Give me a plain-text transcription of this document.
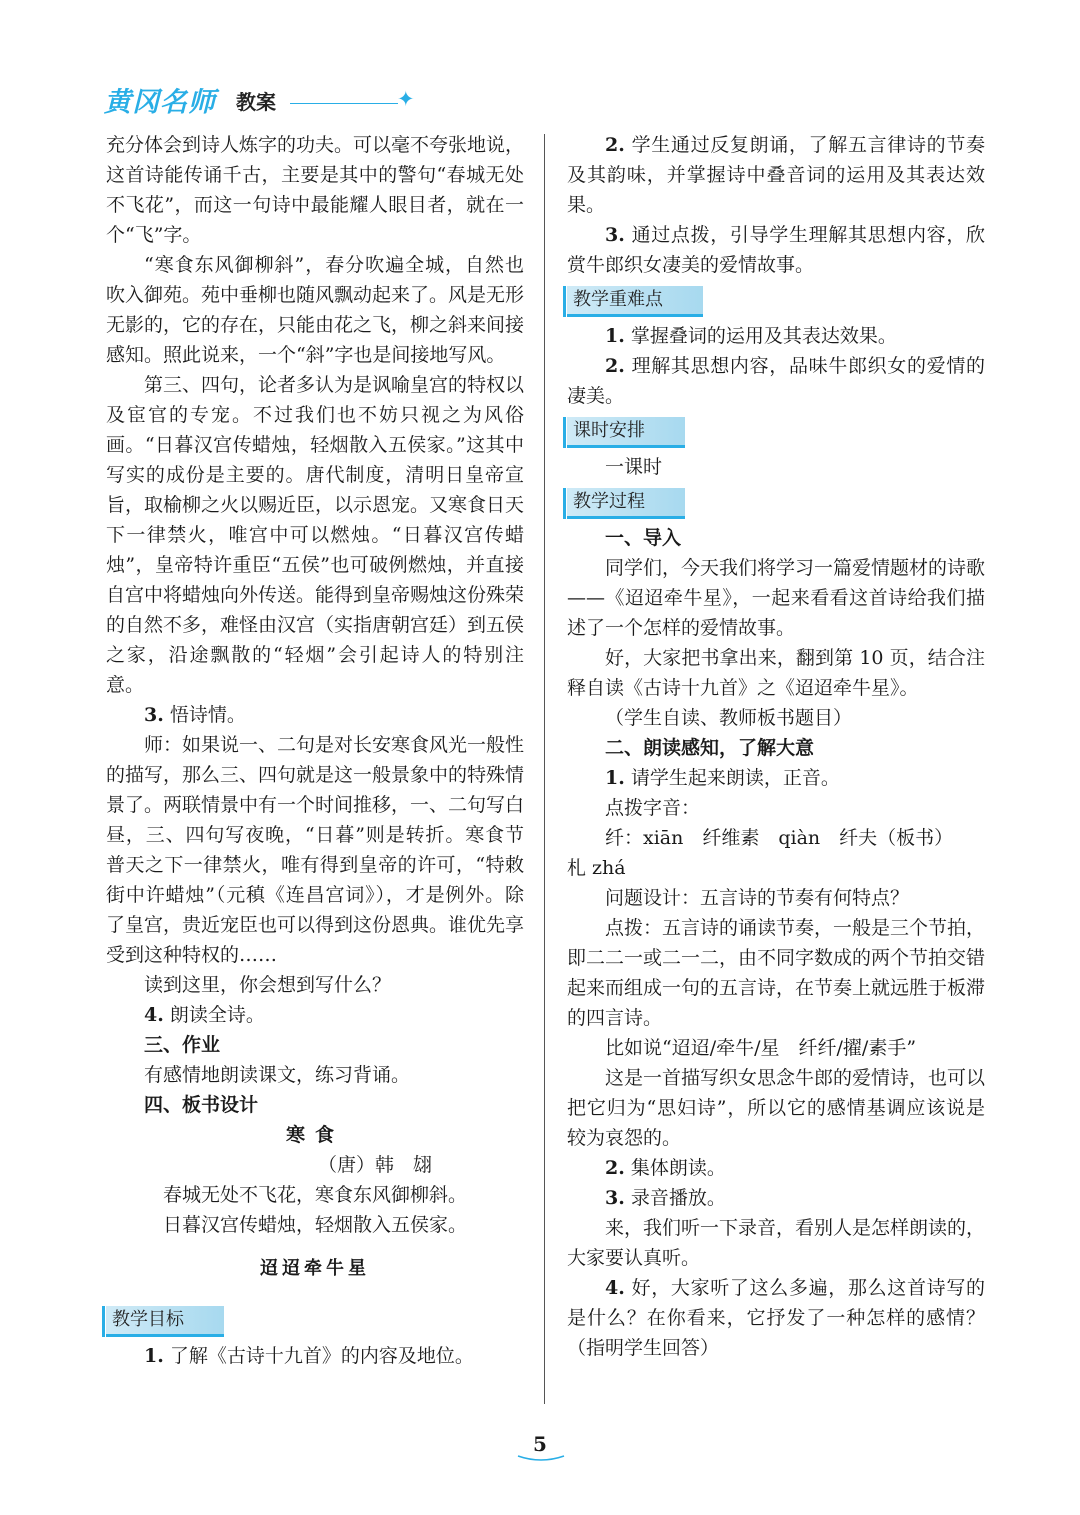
黄冈名师 教案	✦

充分体会到诗人炼字的功夫。可以毫不夸张地说，这首诗能传诵千古，主要是其中的警句“春城无处不飞花”，而这一句诗中最能耀人眼目者，就在一个“飞”字。

“寒食东风御柳斜”，春分吹遍全城，自然也吹入御苑。苑中垂柳也随风飘动起来了。风是无形无影的，它的存在，只能由花之飞，柳之斜来间接感知。照此说来，一个“斜”字也是间接地写风。

第三、四句，论者多认为是讽喻皇宫的特权以及宦官的专宠。不过我们也不妨只视之为风俗画。“日暮汉宫传蜡烛，轻烟散入五侯家。”这其中写实的成份是主要的。唐代制度，清明日皇帝宣旨，取榆柳之火以赐近臣，以示恩宠。又寒食日天下一律禁火，唯宫中可以燃烛。“日暮汉宫传蜡烛”，皇帝特许重臣“五侯”也可破例燃烛，并直接自宫中将蜡烛向外传送。能得到皇帝赐烛这份殊荣的自然不多，难怪由汉宫（实指唐朝宫廷）到五侯之家，沿途飘散的“轻烟”会引起诗人的特别注意。

3. 悟诗情。

师：如果说一、二句是对长安寒食风光一般性的描写，那么三、四句就是这一般景象中的特殊情景了。两联情景中有一个时间推移，一、二句写白昼，三、四句写夜晚，“日暮”则是转折。寒食节普天之下一律禁火，唯有得到皇帝的许可，“特敕街中许蜡烛”（元稹《连昌宫词》），才是例外。除了皇宫，贵近宠臣也可以得到这份恩典。谁优先享受到这种特权的……

读到这里，你会想到写什么？

4. 朗读全诗。

三、作业

有感情地朗读课文，练习背诵。

四、板书设计

寒食

（唐）韩　翃

春城无处不飞花，寒食东风御柳斜。

日暮汉宫传蜡烛，轻烟散入五侯家。

迢迢牵牛星

教学目标

1. 了解《古诗十九首》的内容及地位。

2. 学生通过反复朗诵，了解五言律诗的节奏及其韵味，并掌握诗中叠音词的运用及其表达效果。

3. 通过点拨，引导学生理解其思想内容，欣赏牛郎织女凄美的爱情故事。

教学重难点

1. 掌握叠词的运用及其表达效果。

2. 理解其思想内容，品味牛郎织女的爱情的凄美。

课时安排

一课时

教学过程

一、导入

同学们，今天我们将学习一篇爱情题材的诗歌——《迢迢牵牛星》，一起来看看这首诗给我们描述了一个怎样的爱情故事。

好，大家把书拿出来，翻到第 10 页，结合注释自读《古诗十九首》之《迢迢牵牛星》。

（学生自读、教师板书题目）

二、朗读感知，了解大意

1. 请学生起来朗读，正音。

点拨字音：

纤：xiān　纤维素　qiàn　纤夫（板书）

札 zhá

问题设计：五言诗的节奏有何特点？

点拨：五言诗的诵读节奏，一般是三个节拍，即二二一或二一二，由不同字数成的两个节拍交错起来而组成一句的五言诗，在节奏上就远胜于板滞的四言诗。

比如说“迢迢/牵牛/星　纤纤/擢/素手”

这是一首描写织女思念牛郎的爱情诗，也可以把它归为“思妇诗”，所以它的感情基调应该说是较为哀怨的。

2. 集体朗读。

3. 录音播放。

来，我们听一下录音，看别人是怎样朗读的，大家要认真听。

4. 好，大家听了这么多遍，那么这首诗写的是什么？在你看来，它抒发了一种怎样的感情？（指明学生回答）

5
